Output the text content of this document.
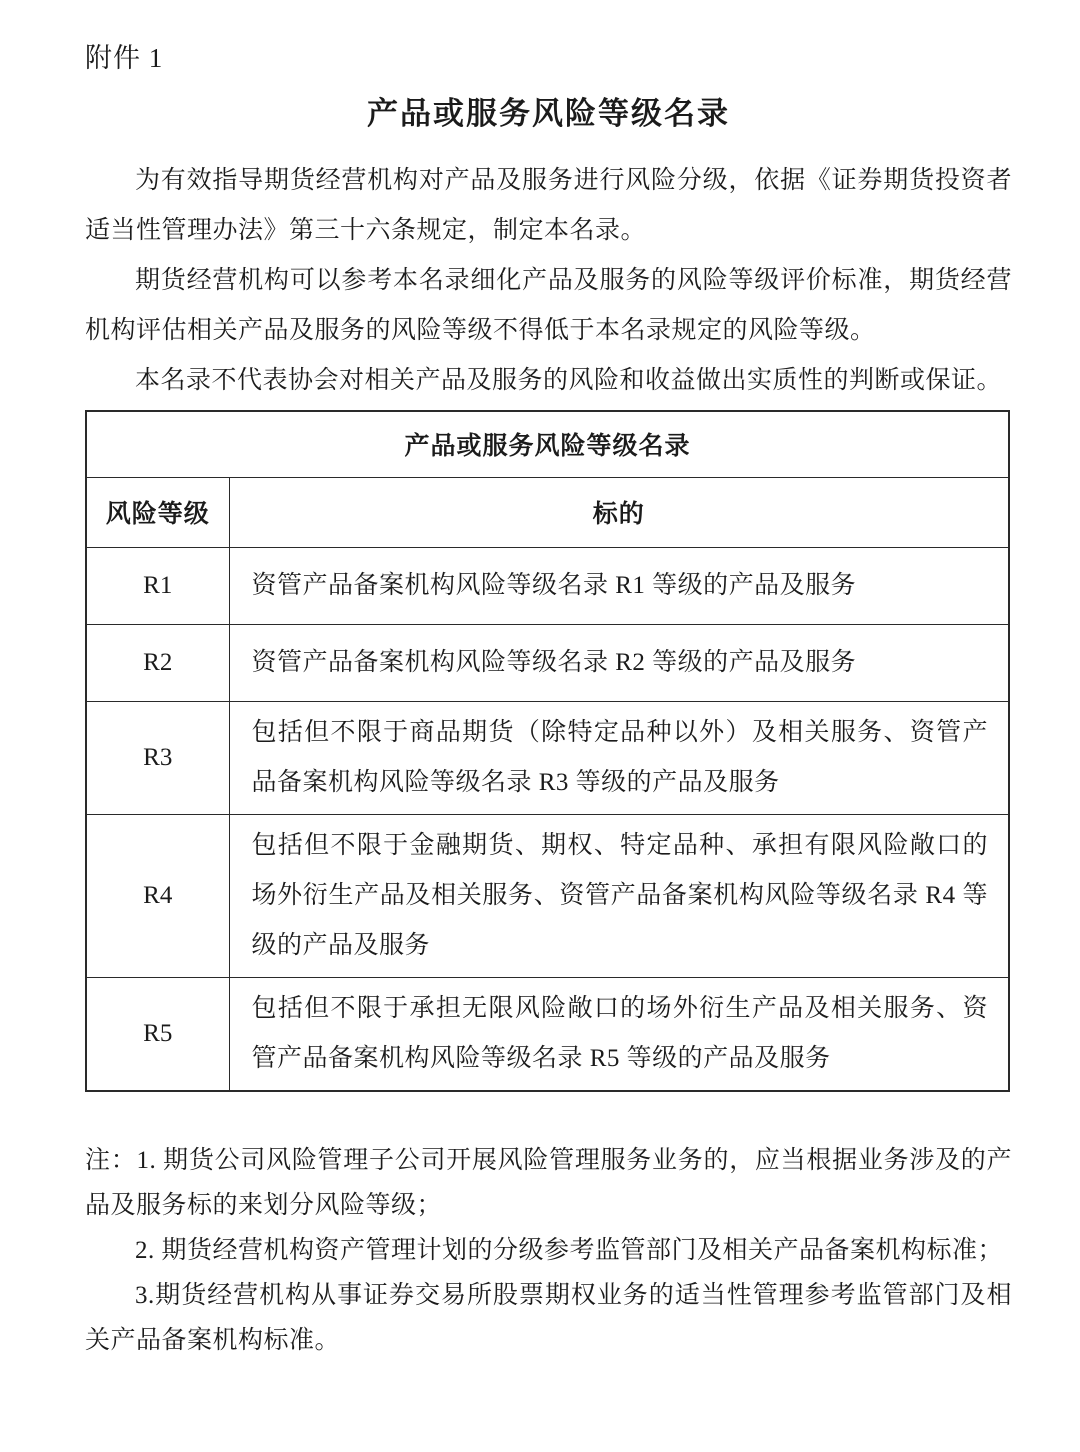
附件 1
产品或服务风险等级名录

为有效指导期货经营机构对产品及服务进行风险分级，依据《证券期货投资者适当性管理办法》第三十六条规定，制定本名录。

期货经营机构可以参考本名录细化产品及服务的风险等级评价标准，期货经营机构评估相关产品及服务的风险等级不得低于本名录规定的风险等级。

本名录不代表协会对相关产品及服务的风险和收益做出实质性的判断或保证。

产品或服务风险等级名录	
风险等级	标的
R1	资管产品备案机构风险等级名录 R1 等级的产品及服务
R2	资管产品备案机构风险等级名录 R2 等级的产品及服务
R3	包括但不限于商品期货（除特定品种以外）及相关服务、资管产品备案机构风险等级名录 R3 等级的产品及服务
R4	包括但不限于金融期货、期权、特定品种、承担有限风险敞口的场外衍生产品及相关服务、资管产品备案机构风险等级名录 R4 等级的产品及服务
R5	包括但不限于承担无限风险敞口的场外衍生产品及相关服务、资管产品备案机构风险等级名录 R5 等级的产品及服务

注：1. 期货公司风险管理子公司开展风险管理服务业务的，应当根据业务涉及的产品及服务标的来划分风险等级；

2. 期货经营机构资产管理计划的分级参考监管部门及相关产品备案机构标准；

3.期货经营机构从事证券交易所股票期权业务的适当性管理参考监管部门及相关产品备案机构标准。
